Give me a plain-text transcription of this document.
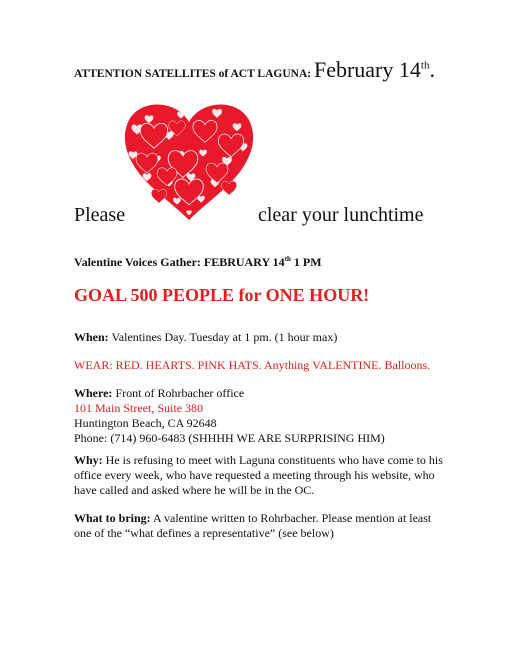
ATTENTION SATELLITES of ACT LAGUNA: February 14th.
Please	clear your lunchtime
Valentine Voices Gather: FEBRUARY 14th 1 PM
GOAL 500 PEOPLE for ONE HOUR!
When: Valentines Day. Tuesday at 1 pm. (1 hour max)
WEAR: RED. HEARTS. PINK HATS. Anything VALENTINE. Balloons.
Where: Front of Rohrbacher office
101 Main Street, Suite 380
Huntington Beach, CA 92648
Phone: (714) 960-6483 (SHHHH WE ARE SURPRISING HIM)
Why: He is refusing to meet with Laguna constituents who have come to his
office every week, who have requested a meeting through his website, who
have called and asked where he will be in the OC.
What to bring: A valentine written to Rohrbacher. Please mention at least
one of the “what defines a representative” (see below)
